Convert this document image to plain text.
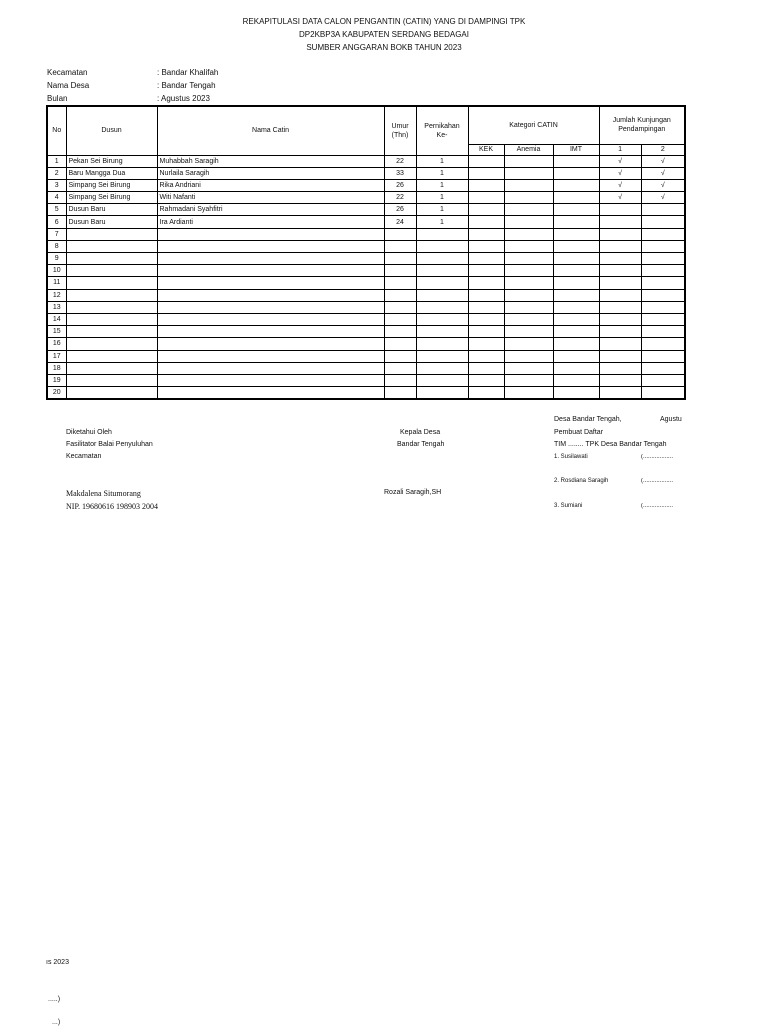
REKAPITULASI DATA CALON PENGANTIN (CATIN) YANG DI DAMPINGI TPK
DP2KBP3A KABUPATEN SERDANG BEDAGAI
SUMBER ANGGARAN BOKB TAHUN 2023
Kecamatan	: Bandar Khalifah
Nama Desa	: Bandar Tengah
Bulan	: Agustus 2023
No	Dusun	Nama Catin	Umur (Thn)	Pernikahan Ke-	Kategori CATIN			Jumlah Kunjungan Pendampingan	
					KEK	Anemia	IMT	1	2
1	Pekan Sei Birung	Muhabbah Saragih	22	1				√	√
2	Baru Mangga Dua	Nurlaila Saragih	33	1				√	√
3	Simpang Sei Birung	Rika Andriani	26	1				√	√
4	Simpang Sei Birung	Witi Nafanti	22	1				√	√
5	Dusun Baru	Rahmadani Syahfitri	26	1					
6	Dusun Baru	Ira Ardianti	24	1					
7									
8									
9									
10									
11									
12									
13									
14									
15									
16									
17									
18									
19									
20									
Desa Bandar Tengah,	Agustu
Diketahui Oleh
Fasilitator Balai Penyuluhan
Kecamatan
Makdalena Situmorang
NIP. 19680616 198903 2004
Kepala Desa
Bandar Tengah
Rozali Saragih,SH
Pembuat Daftar
TIM ........ TPK Desa Bandar Tengah
1. Susilawati	(..................
2. Rosdiana Saragih	(..................
3. Sumiani	(..................
ıs 2023
.....)
...)
